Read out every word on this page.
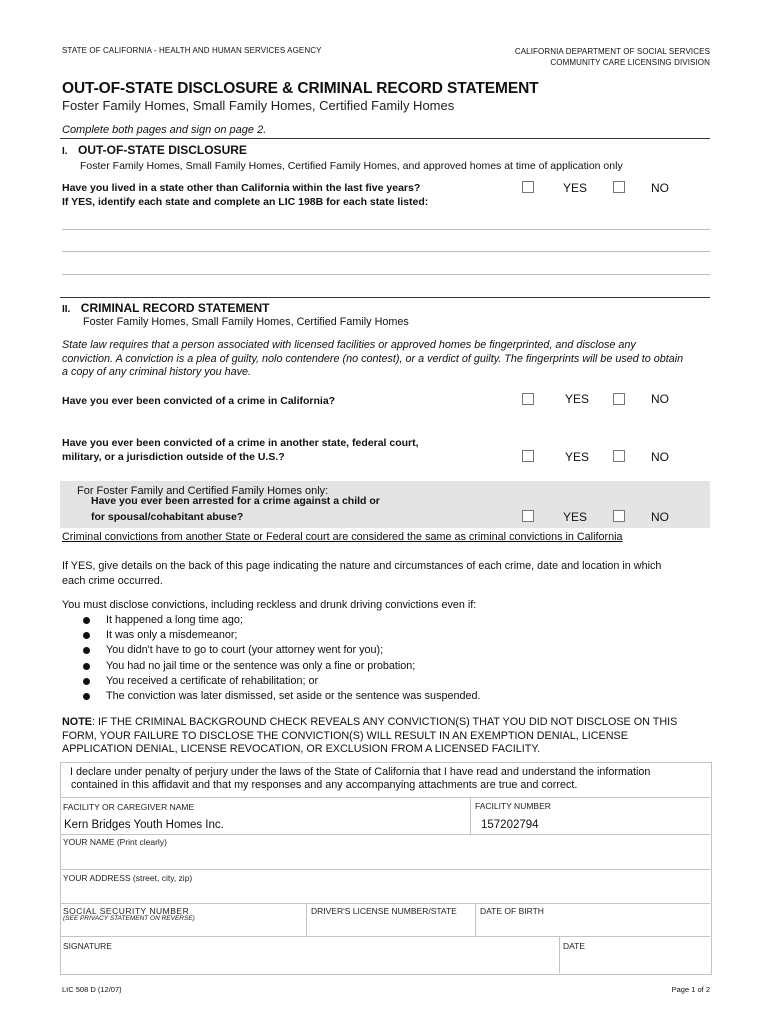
STATE OF CALIFORNIA - HEALTH AND HUMAN SERVICES AGENCY	CALIFORNIA DEPARTMENT OF SOCIAL SERVICES
COMMUNITY CARE LICENSING DIVISION
OUT-OF-STATE DISCLOSURE & CRIMINAL RECORD STATEMENT
Foster Family Homes, Small Family Homes, Certified Family Homes
Complete both pages and sign on page 2.
I. OUT-OF-STATE DISCLOSURE
Foster Family Homes, Small Family Homes, Certified Family Homes, and approved homes at time of application only
Have you lived in a state other than California within the last five years?
If YES, identify each state and complete an LIC 198B for each state listed:
YES	NO
II. CRIMINAL RECORD STATEMENT
Foster Family Homes, Small Family Homes, Certified Family Homes
State law requires that a person associated with licensed facilities or approved homes be fingerprinted, and disclose any
conviction. A conviction is a plea of guilty, nolo contendere (no contest), or a verdict of guilty. The fingerprints will be used to obtain
a copy of any criminal history you have.
Have you ever been convicted of a crime in California?	YES	NO
Have you ever been convicted of a crime in another state, federal court,
military, or a jurisdiction outside of the U.S.?	YES	NO
For Foster Family and Certified Family Homes only:
Have you ever been arrested for a crime against a child or
for spousal/cohabitant abuse?	YES	NO
Criminal convictions from another State or Federal court are considered the same as criminal convictions in California
If YES, give details on the back of this page indicating the nature and circumstances of each crime, date and location in which
each crime occurred.
You must disclose convictions, including reckless and drunk driving convictions even if:
It happened a long time ago;
It was only a misdemeanor;
You didn't have to go to court (your attorney went for you);
You had no jail time or the sentence was only a fine or probation;
You received a certificate of rehabilitation; or
The conviction was later dismissed, set aside or the sentence was suspended.
NOTE: IF THE CRIMINAL BACKGROUND CHECK REVEALS ANY CONVICTION(S) THAT YOU DID NOT DISCLOSE ON THIS
FORM, YOUR FAILURE TO DISCLOSE THE CONVICTION(S) WILL RESULT IN AN EXEMPTION DENIAL, LICENSE
APPLICATION DENIAL, LICENSE REVOCATION, OR EXCLUSION FROM A LICENSED FACILITY.
I declare under penalty of perjury under the laws of the State of California that I have read and understand the information
contained in this affidavit and that my responses and any accompanying attachments are true and correct.
FACILITY OR CAREGIVER NAME
Kern Bridges Youth Homes Inc.
FACILITY NUMBER
157202794
YOUR NAME (Print clearly)
YOUR ADDRESS (street, city, zip)
SOCIAL SECURITY NUMBER
(SEE PRIVACY STATEMENT ON REVERSE)
DRIVER'S LICENSE NUMBER/STATE	DATE OF BIRTH
SIGNATURE	DATE
LIC 508 D (12/07)	Page 1 of 2
